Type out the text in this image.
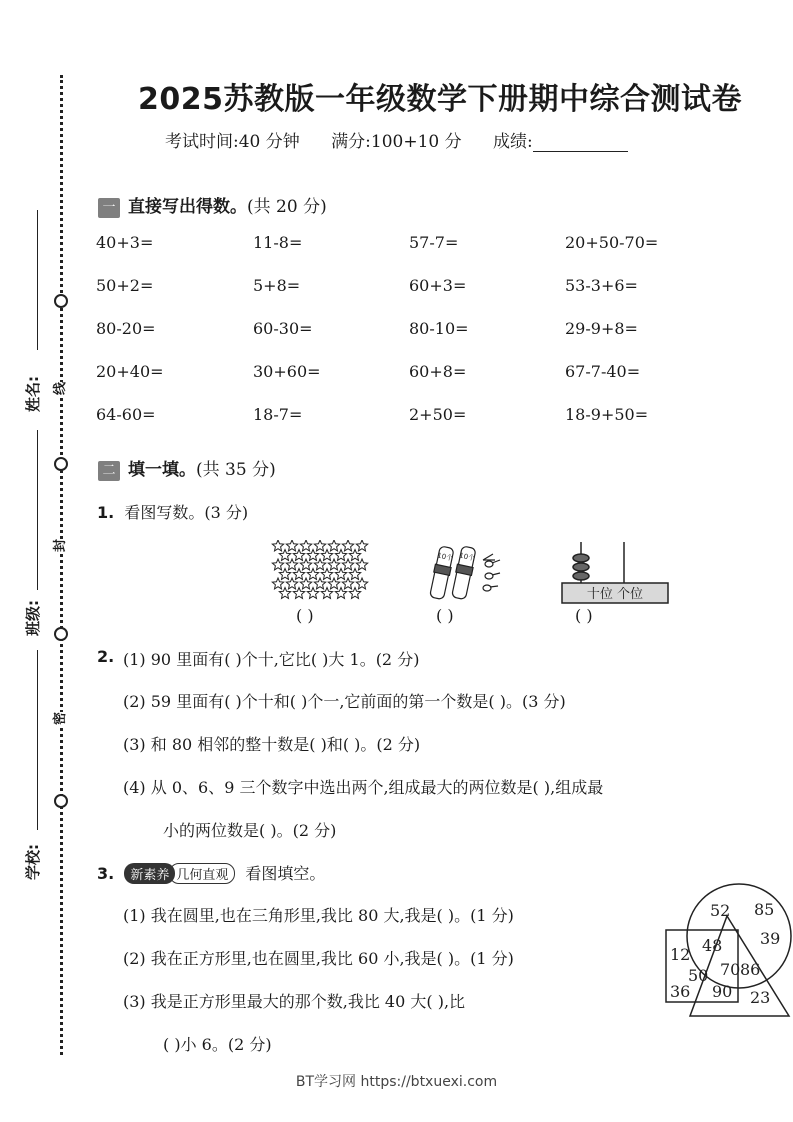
线
封
密
姓名:
班级:
学校:
2025苏教版一年级数学下册期中综合测试卷
考试时间:40 分钟 满分:100+10 分 成绩:
一 直接写出得数。(共 20 分)
40+3=	11-8=	57-7=	20+50-70=
50+2=	5+8=	60+3=	53-3+6=
80-20=	60-30=	80-10=	29-9+8=
20+40=	30+60=	60+8=	67-7-40=
64-60=	18-7=	2+50=	18-9+50=
二 填一填。(共 35 分)
1. 看图写数。(3 分)
( )
10个 10个
( )
十位 个位
( )
2. (1) 90 里面有( )个十,它比( )大 1。(2 分)
(2) 59 里面有( )个十和( )个一,它前面的第一个数是( )。(3 分)
(3) 和 80 相邻的整十数是( )和( )。(2 分)
(4) 从 0、6、9 三个数字中选出两个,组成最大的两位数是( ),组成最
小的两位数是( )。(2 分)
3. 新素养 几何直观 看图填空。
(1) 我在圆里,也在三角形里,我比 80 大,我是( )。(1 分)
(2) 我在正方形里,也在圆里,我比 60 小,我是( )。(1 分)
(3) 我是正方形里最大的那个数,我比 40 大( ),比
( )小 6。(2 分)
52 85
39
12 48
50 70 86
36 90 23
BT学习网 https://btxuexi.com
